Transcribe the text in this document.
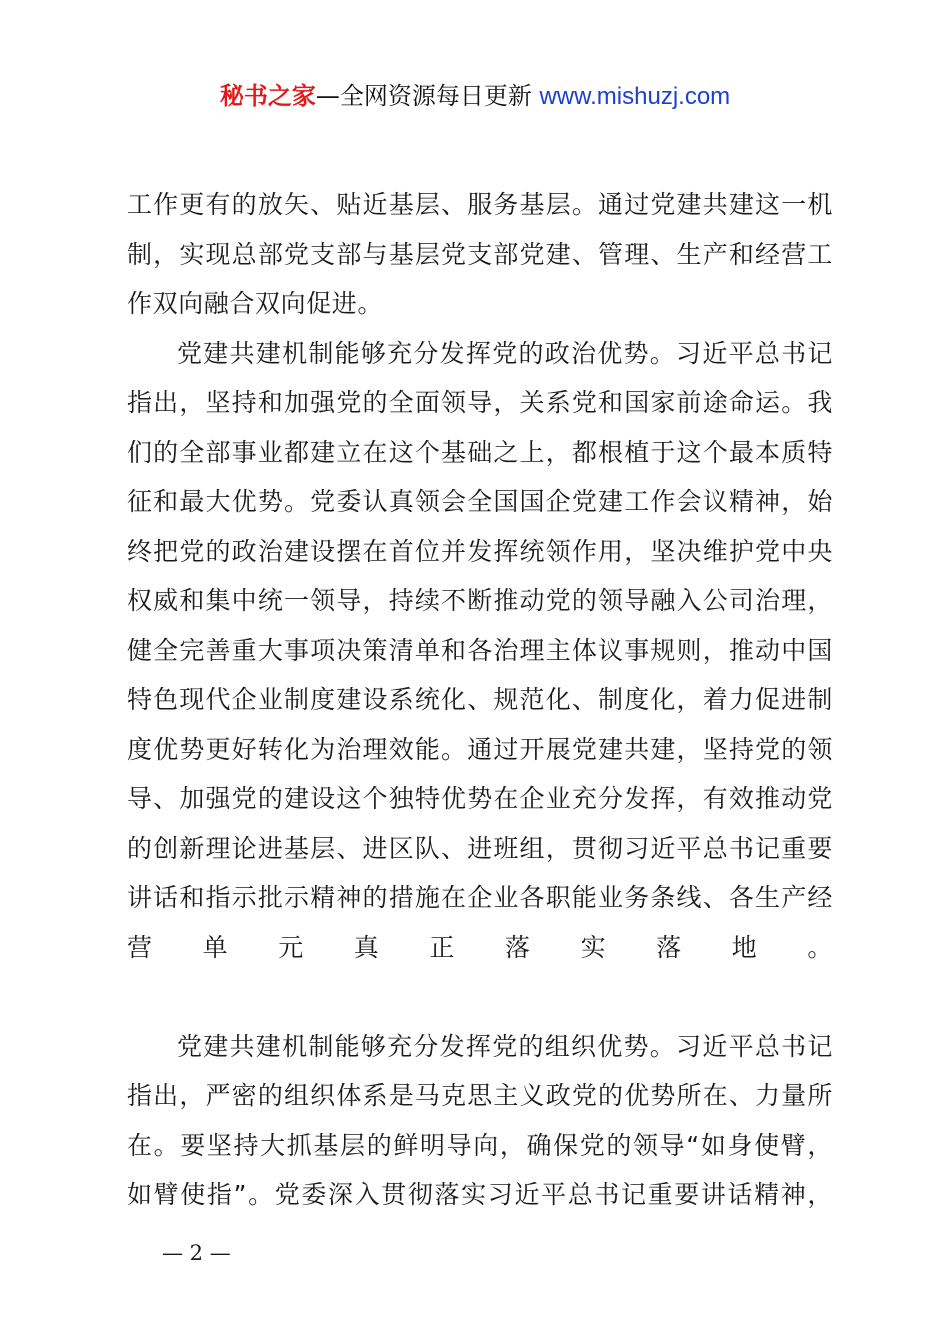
秘书之家—全网资源每日更新 www.mishuzj.com
工作更有的放矢、贴近基层、服务基层。通过党建共建这一机
制，实现总部党支部与基层党支部党建、管理、生产和经营工
作双向融合双向促进。
党建共建机制能够充分发挥党的政治优势。习近平总书记
指出，坚持和加强党的全面领导，关系党和国家前途命运。我
们的全部事业都建立在这个基础之上，都根植于这个最本质特
征和最大优势。党委认真领会全国国企党建工作会议精神，始
终把党的政治建设摆在首位并发挥统领作用，坚决维护党中央
权威和集中统一领导，持续不断推动党的领导融入公司治理，
健全完善重大事项决策清单和各治理主体议事规则，推动中国
特色现代企业制度建设系统化、规范化、制度化，着力促进制
度优势更好转化为治理效能。通过开展党建共建，坚持党的领
导、加强党的建设这个独特优势在企业充分发挥，有效推动党
的创新理论进基层、进区队、进班组，贯彻习近平总书记重要
讲话和指示批示精神的措施在企业各职能业务条线、各生产经
营单元真正落实落地。
党建共建机制能够充分发挥党的组织优势。习近平总书记
指出，严密的组织体系是马克思主义政党的优势所在、力量所
在。要坚持大抓基层的鲜明导向，确保党的领导“如身使臂，
如臂使指”。党委深入贯彻落实习近平总书记重要讲话精神，
— 2 —
